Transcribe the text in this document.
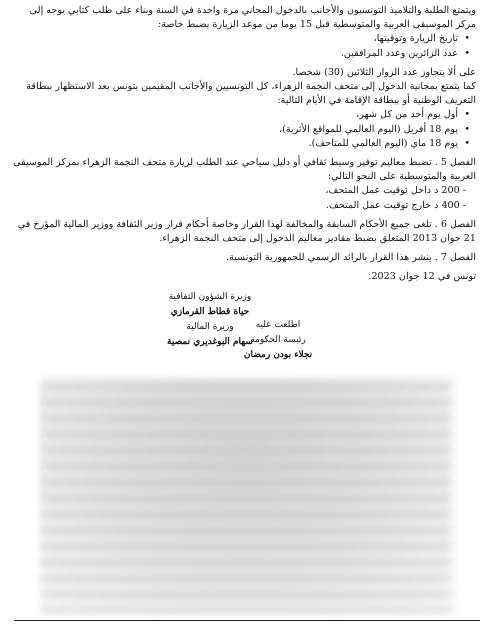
ويتمتع الطلبة والتلاميذ التونسيون والأجانب بالدخول المجاني مرة واحدة في السنة وبناء على طلب كتابي يوجه إلى مركز الموسيقى العربية والمتوسطية قبل 15 يوما من موعد الزيارة يضبط خاصة:

• تاريخ الزيارة وتوقيتها،

• عدد الزائرين وعدد المرافقين.

على ألا يتجاوز عدد الزوار الثلاثين (30) شخصا.

كما يتمتع بمجانية الدخول إلى متحف النجمة الزهراء، كل التونسيين والأجانب المقيمين بتونس بعد الاستظهار ببطاقة التعريف الوطنية أو ببطاقة الإقامة في الأيام التالية:

• أول يوم أحد من كل شهر،

• يوم 18 أفريل (اليوم العالمي للمواقع الأثرية)،

• يوم 18 ماي (اليوم العالمي للمتاحف).

الفصل 5 . تضبط معاليم توفير وسيط ثقافي أو دليل سياحي عند الطلب لزيارة متحف النجمة الزهراء بمركز الموسيقى العربية والمتوسطية على النحو التالي:

- 200 د داخل توقيت عمل المتحف،

- 400 د خارج توقيت عمل المتحف.

الفصل 6 . تلغى جميع الأحكام السابقة والمخالفة لهذا القرار وخاصة أحكام قرار وزير الثقافة ووزير المالية المؤرخ في 21 جوان 2013 المتعلق بضبط مقادير معاليم الدخول إلى متحف النجمة الزهراء.

الفصل 7 . ينشر هذا القرار بالرائد الرسمي للجمهورية التونسية.

تونس في 12 جوان 2023.

وزيرة الشؤون الثقافية
حياة قطاط القرمازي
وزيرة المالية
سهام البوغديري نمصية
اطلعت عليه
رئيسة الحكومة
نجلاء بودن رمضان
